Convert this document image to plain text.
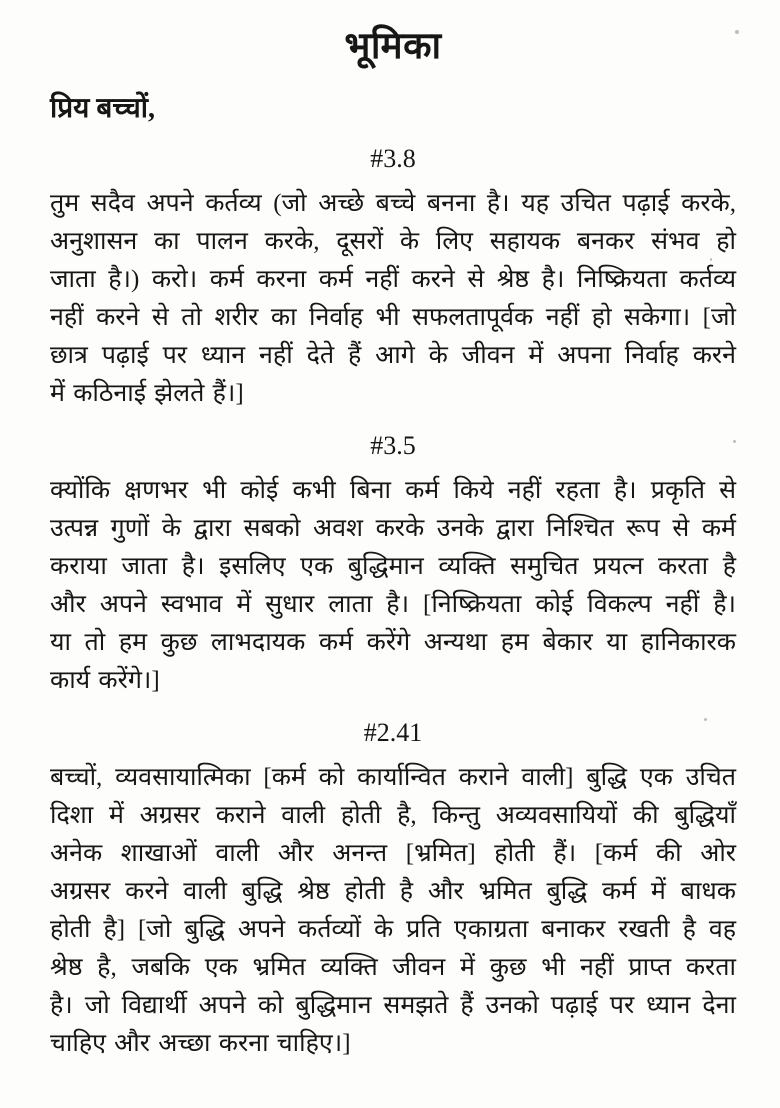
भूमिका
प्रिय बच्चों,
#3.8
तुम सदैव अपने कर्तव्य (जो अच्छे बच्चे बनना है। यह उचित पढ़ाई करके,
अनुशासन का पालन करके, दूसरों के लिए सहायक बनकर संभव हो
जाता है।) करो। कर्म करना कर्म नहीं करने से श्रेष्ठ है। निष्क्रियता कर्तव्य
नहीं करने से तो शरीर का निर्वाह भी सफलतापूर्वक नहीं हो सकेगा। [जो
छात्र पढ़ाई पर ध्यान नहीं देते हैं आगे के जीवन में अपना निर्वाह करने
में कठिनाई झेलते हैं।]
#3.5
क्योंकि क्षणभर भी कोई कभी बिना कर्म किये नहीं रहता है। प्रकृति से
उत्पन्न गुणों के द्वारा सबको अवश करके उनके द्वारा निश्चित रूप से कर्म
कराया जाता है। इसलिए एक बुद्धिमान व्यक्ति समुचित प्रयत्न करता है
और अपने स्वभाव में सुधार लाता है। [निष्क्रियता कोई विकल्प नहीं है।
या तो हम कुछ लाभदायक कर्म करेंगे अन्यथा हम बेकार या हानिकारक
कार्य करेंगे।]
#2.41
बच्चों, व्यवसायात्मिका [कर्म को कार्यान्वित कराने वाली] बुद्धि एक उचित
दिशा में अग्रसर कराने वाली होती है, किन्तु अव्यवसायियों की बुद्धियाँ
अनेक शाखाओं वाली और अनन्त [भ्रमित] होती हैं। [कर्म की ओर
अग्रसर करने वाली बुद्धि श्रेष्ठ होती है और भ्रमित बुद्धि कर्म में बाधक
होती है] [जो बुद्धि अपने कर्तव्यों के प्रति एकाग्रता बनाकर रखती है वह
श्रेष्ठ है, जबकि एक भ्रमित व्यक्ति जीवन में कुछ भी नहीं प्राप्त करता
है। जो विद्यार्थी अपने को बुद्धिमान समझते हैं उनको पढ़ाई पर ध्यान देना
चाहिए और अच्छा करना चाहिए।]
